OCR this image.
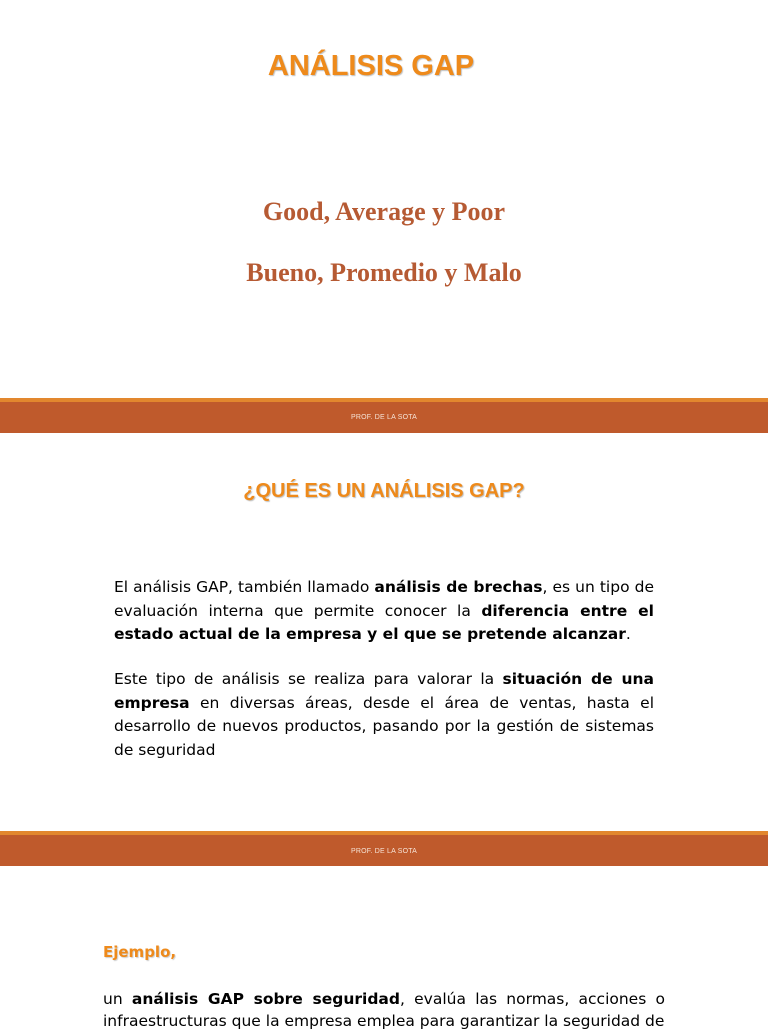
ANÁLISIS GAP
Good, Average y Poor
Bueno, Promedio y Malo
PROF. DE LA SOTA
¿QUÉ ES UN ANÁLISIS GAP?
El análisis GAP, también llamado análisis de brechas, es un tipo de evaluación interna que permite conocer la diferencia entre el estado actual de la empresa y el que se pretende alcanzar.
Este tipo de análisis se realiza para valorar la situación de una empresa en diversas áreas, desde el área de ventas, hasta el desarrollo de nuevos productos, pasando por la gestión de sistemas de seguridad
PROF. DE LA SOTA
Ejemplo,
un análisis GAP sobre seguridad, evalúa las normas, acciones o infraestructuras que la empresa emplea para garantizar la seguridad de
